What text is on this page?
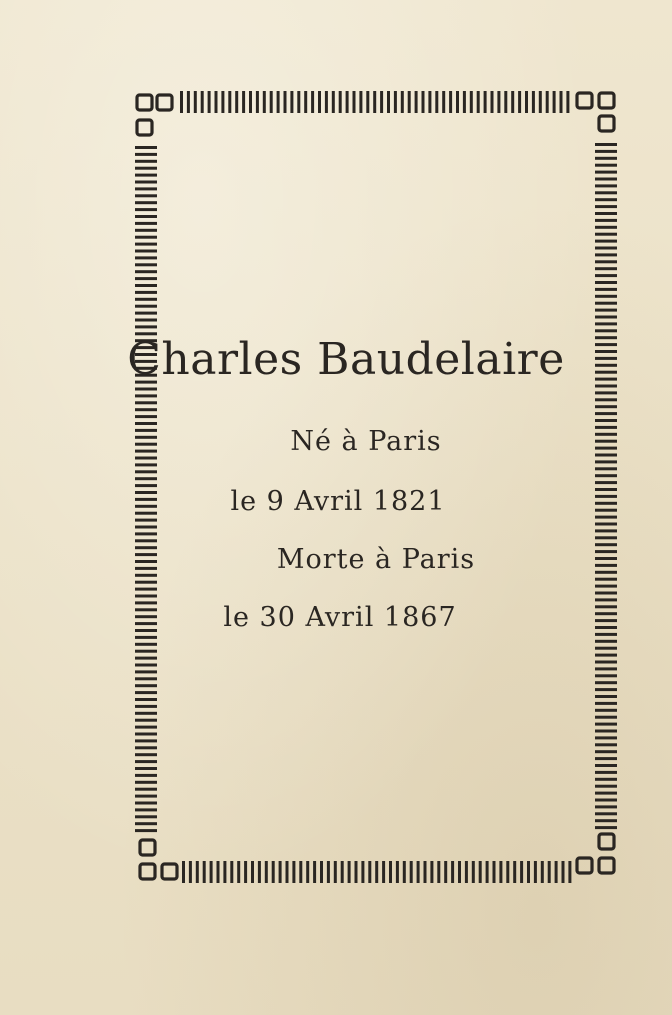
Charles Baudelaire
Né à Paris
le 9 Avril 1821
Morte à Paris
le 30 Avril 1867
